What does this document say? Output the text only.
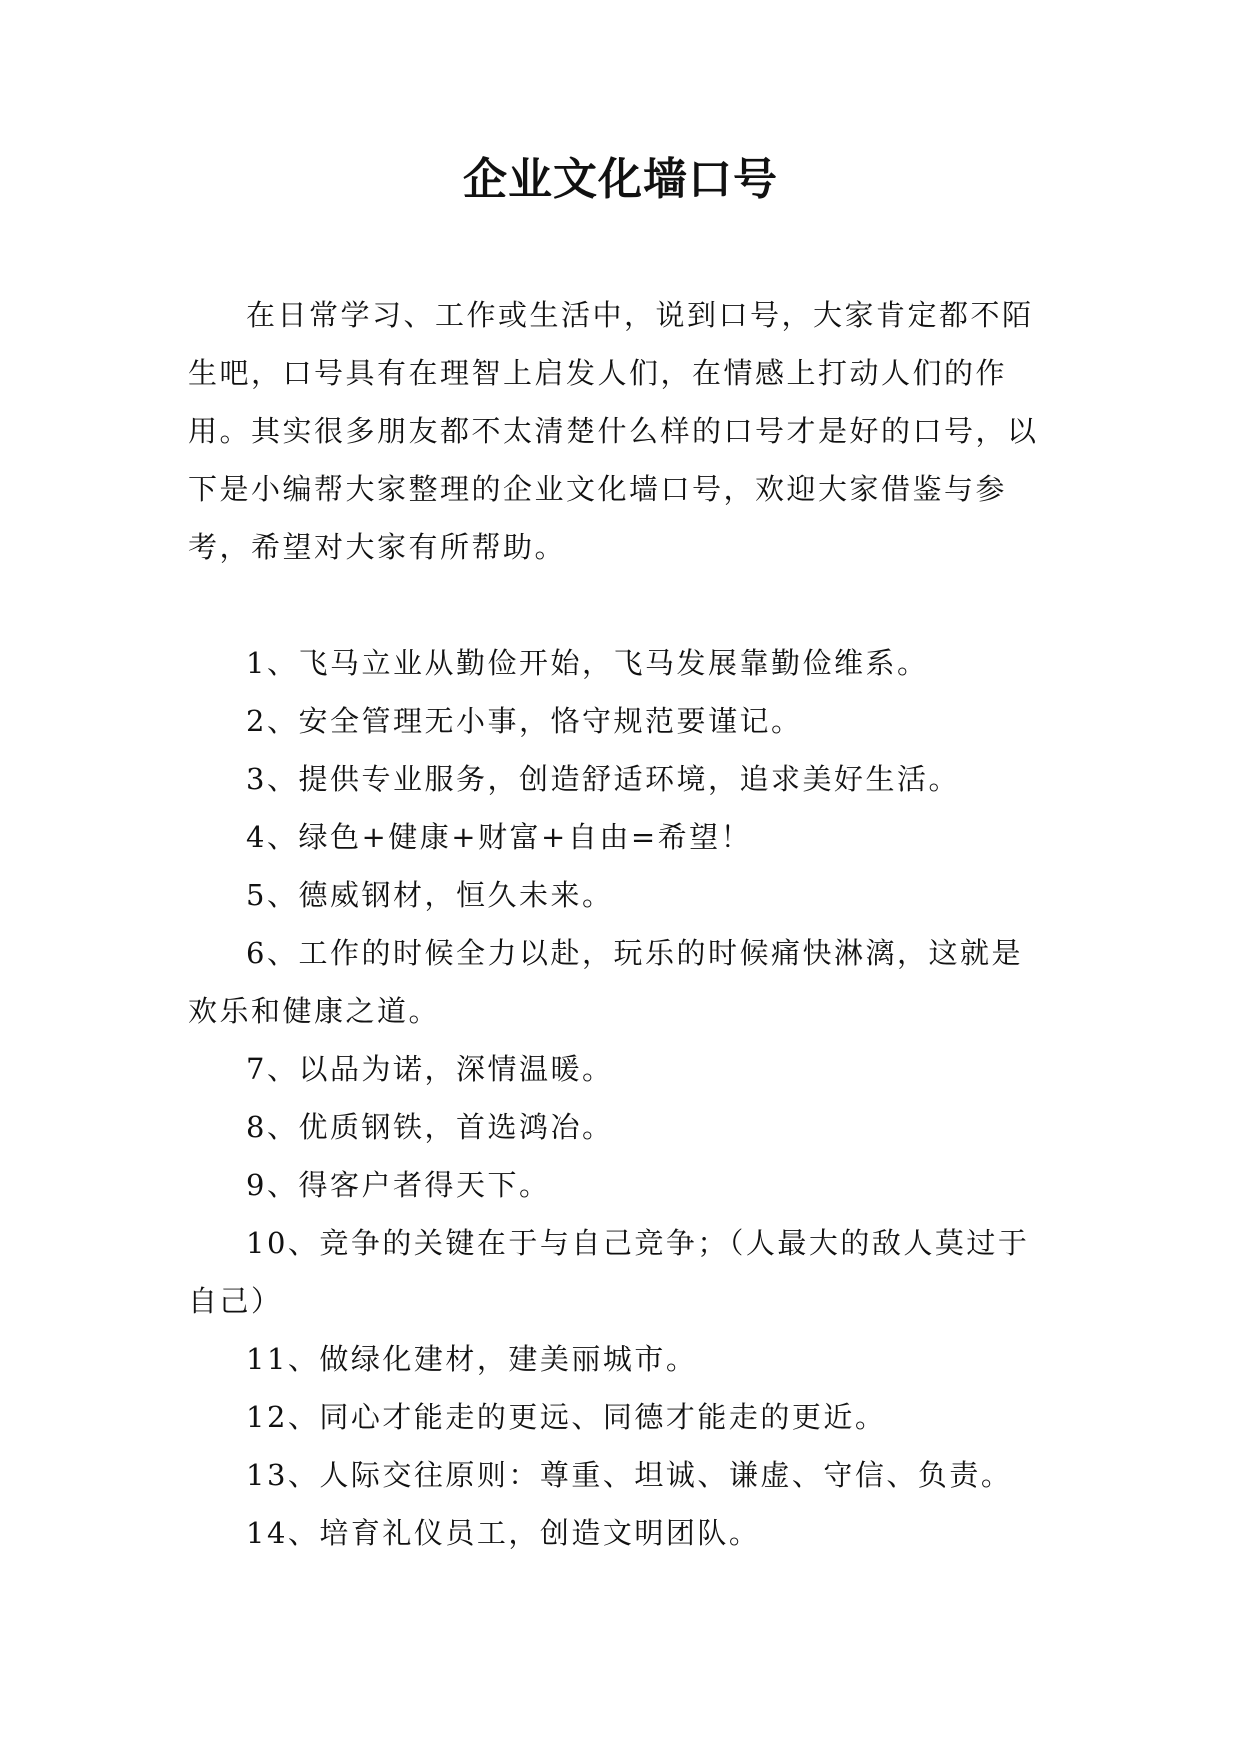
企业文化墙口号

在日常学习、工作或生活中，说到口号，大家肯定都不陌生吧，口号具有在理智上启发人们，在情感上打动人们的作用。其实很多朋友都不太清楚什么样的口号才是好的口号，以下是小编帮大家整理的企业文化墙口号，欢迎大家借鉴与参考，希望对大家有所帮助。

1、飞马立业从勤俭开始，飞马发展靠勤俭维系。
2、安全管理无小事，恪守规范要谨记。
3、提供专业服务，创造舒适环境，追求美好生活。
4、绿色+健康+财富+自由=希望！
5、德威钢材，恒久未来。
6、工作的时候全力以赴，玩乐的时候痛快淋漓，这就是欢乐和健康之道。
7、以品为诺，深情温暖。
8、优质钢铁，首选鸿冶。
9、得客户者得天下。
10、竞争的关键在于与自己竞争；（人最大的敌人莫过于自己）
11、做绿化建材，建美丽城市。
12、同心才能走的更远、同德才能走的更近。
13、人际交往原则：尊重、坦诚、谦虚、守信、负责。
14、培育礼仪员工，创造文明团队。
